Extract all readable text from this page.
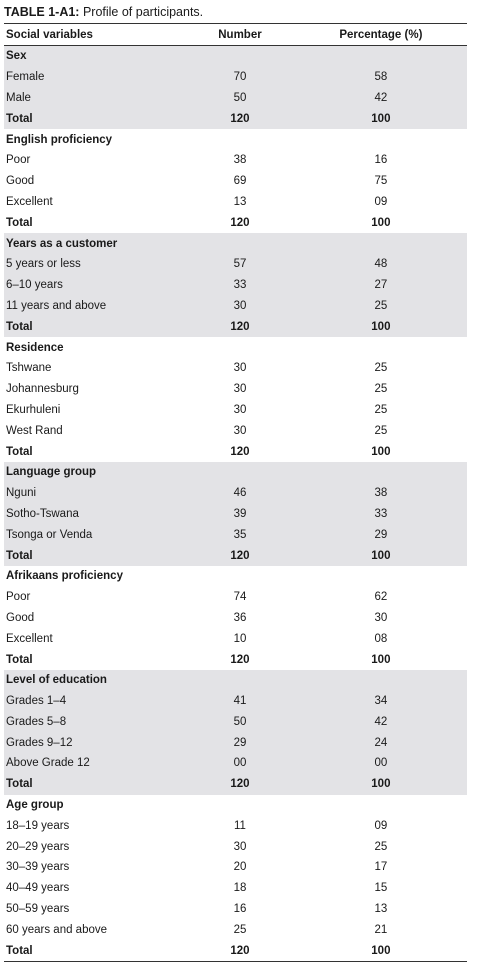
TABLE 1-A1: Profile of participants.
Social variables	Number	Percentage (%)
Sex
Female	70	58
Male	50	42
Total	120	100
English proficiency
Poor	38	16
Good	69	75
Excellent	13	09
Total	120	100
Years as a customer
5 years or less	57	48
6–10 years	33	27
11 years and above	30	25
Total	120	100
Residence
Tshwane	30	25
Johannesburg	30	25
Ekurhuleni	30	25
West Rand	30	25
Total	120	100
Language group
Nguni	46	38
Sotho-Tswana	39	33
Tsonga or Venda	35	29
Total	120	100
Afrikaans proficiency
Poor	74	62
Good	36	30
Excellent	10	08
Total	120	100
Level of education
Grades 1–4	41	34
Grades 5–8	50	42
Grades 9–12	29	24
Above Grade 12	00	00
Total	120	100
Age group
18–19 years	11	09
20–29 years	30	25
30–39 years	20	17
40–49 years	18	15
50–59 years	16	13
60 years and above	25	21
Total	120	100
